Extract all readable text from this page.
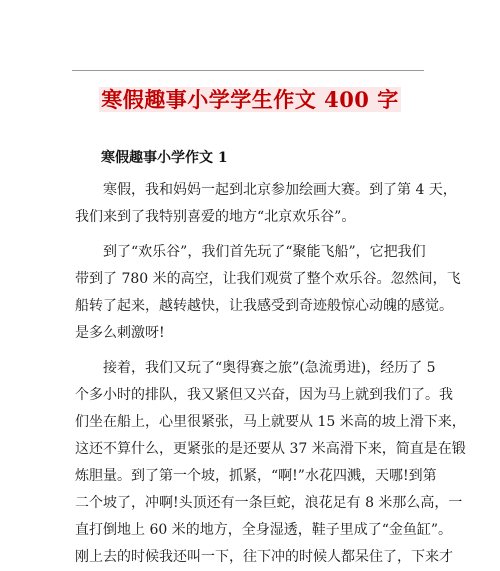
寒假趣事小学学生作文 400 字
寒假趣事小学作文 1
寒假，我和妈妈一起到北京参加绘画大赛。到了第 4 天，
我们来到了我特别喜爱的地方“北京欢乐谷”。
到了“欢乐谷”，我们首先玩了“聚能飞船”，它把我们
带到了 780 米的高空，让我们观赏了整个欢乐谷。忽然间，飞
船转了起来，越转越快，让我感受到奇迹般惊心动魄的感觉。
是多么刺激呀!
接着，我们又玩了“奥得赛之旅”(急流勇进)，经历了 5
个多小时的排队，我又紧但又兴奋，因为马上就到我们了。我
们坐在船上，心里很紧张，马上就要从 15 米高的坡上滑下来，
这还不算什么，更紧张的是还要从 37 米高滑下来，简直是在锻
炼胆量。到了第一个坡，抓紧，“啊!”水花四溅，天哪!到第
二个坡了，冲啊!头顶还有一条巨蛇，浪花足有 8 米那么高，一
直打倒地上 60 米的地方，全身湿透，鞋子里成了“金鱼缸”。
刚上去的时候我还叫一下，往下冲的时候人都呆住了，下来才
